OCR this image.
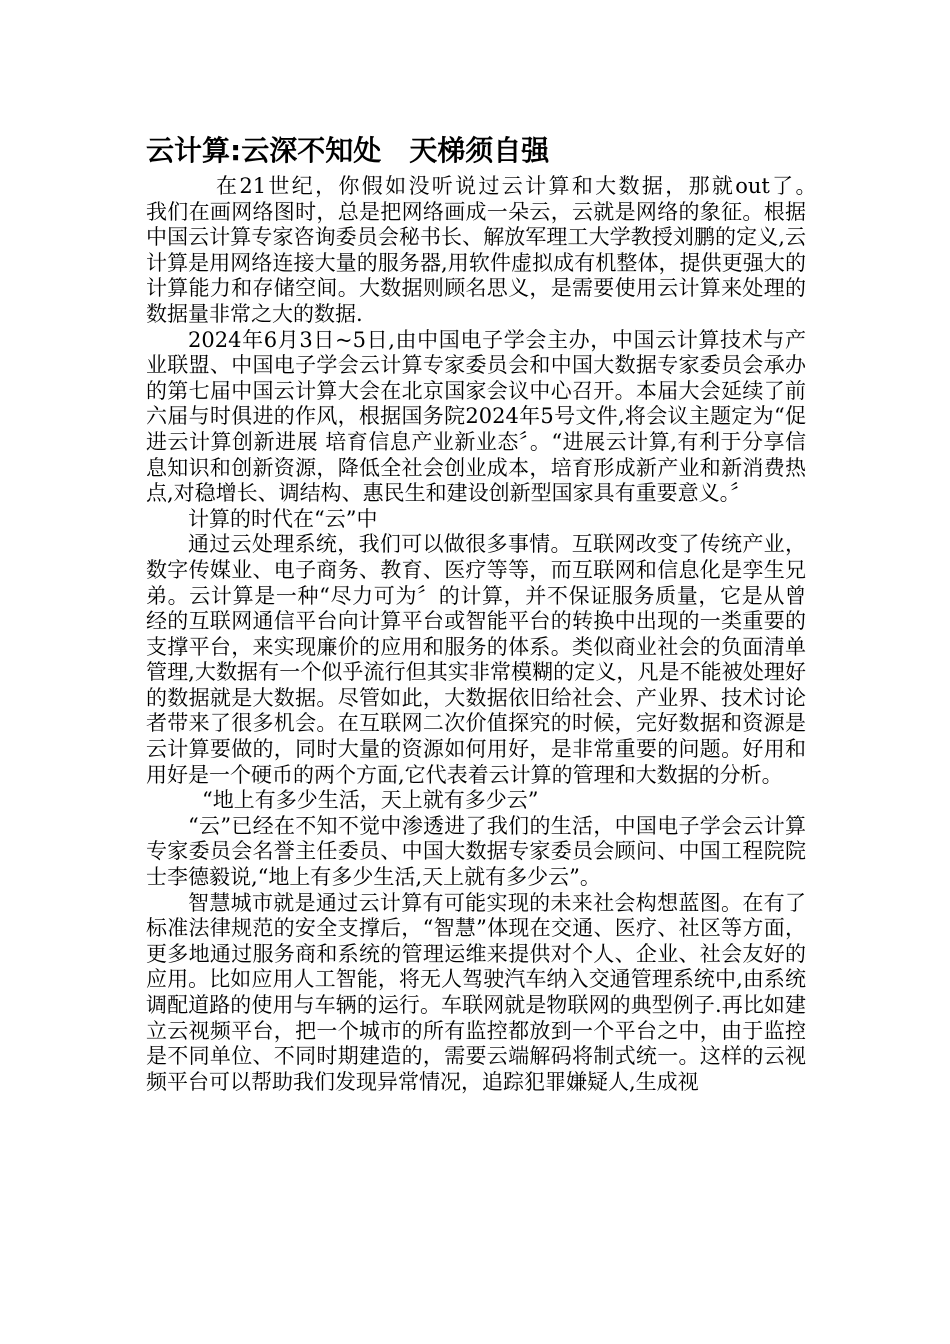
云计算:云深不知处　天梯须自强

在21世纪，你假如没听说过云计算和大数据，那就out了。　　 我们在画网络图时，总是把网络画成一朵云，云就是网络的象征。根据中国云计算专家咨询委员会秘书长、解放军理工大学教授刘鹏的定义,云计算是用网络连接大量的服务器,用软件虚拟成有机整体，提供更强大的计算能力和存储空间。大数据则顾名思义，是需要使用云计算来处理的数据量非常之大的数据.

2024年6月3日~5日,由中国电子学会主办，中国云计算技术与产业联盟、中国电子学会云计算专家委员会和中国大数据专家委员会承办的第七届中国云计算大会在北京国家会议中心召开。本届大会延续了前六届与时俱进的作风，根据国务院2024年5号文件,将会议主题定为“促进云计算创新进展 培育信息产业新业态〞。“进展云计算,有利于分享信息知识和创新资源，降低全社会创业成本，培育形成新产业和新消费热点,对稳增长、调结构、惠民生和建设创新型国家具有重要意义。〞

计算的时代在“云”中

通过云处理系统，我们可以做很多事情。互联网改变了传统产业，数字传媒业、电子商务、教育、医疗等等，而互联网和信息化是孪生兄弟。云计算是一种“尽力可为〞的计算，并不保证服务质量，它是从曾经的互联网通信平台向计算平台或智能平台的转换中出现的一类重要的支撑平台，来实现廉价的应用和服务的体系。类似商业社会的负面清单管理,大数据有一个似乎流行但其实非常模糊的定义，凡是不能被处理好的数据就是大数据。尽管如此，大数据依旧给社会、产业界、技术讨论者带来了很多机会。在互联网二次价值探究的时候，完好数据和资源是云计算要做的，同时大量的资源如何用好，是非常重要的问题。好用和用好是一个硬币的两个方面,它代表着云计算的管理和大数据的分析。

“地上有多少生活，天上就有多少云”

“云”已经在不知不觉中渗透进了我们的生活，中国电子学会云计算专家委员会名誉主任委员、中国大数据专家委员会顾问、中国工程院院士李德毅说,“地上有多少生活,天上就有多少云”。

智慧城市就是通过云计算有可能实现的未来社会构想蓝图。在有了标准法律规范的安全支撑后，“智慧”体现在交通、医疗、社区等方面，更多地通过服务商和系统的管理运维来提供对个人、企业、社会友好的应用。比如应用人工智能，将无人驾驶汽车纳入交通管理系统中,由系统调配道路的使用与车辆的运行。车联网就是物联网的典型例子.再比如建立云视频平台，把一个城市的所有监控都放到一个平台之中，由于监控是不同单位、不同时期建造的，需要云端解码将制式统一。这样的云视频平台可以帮助我们发现异常情况，追踪犯罪嫌疑人,生成视
